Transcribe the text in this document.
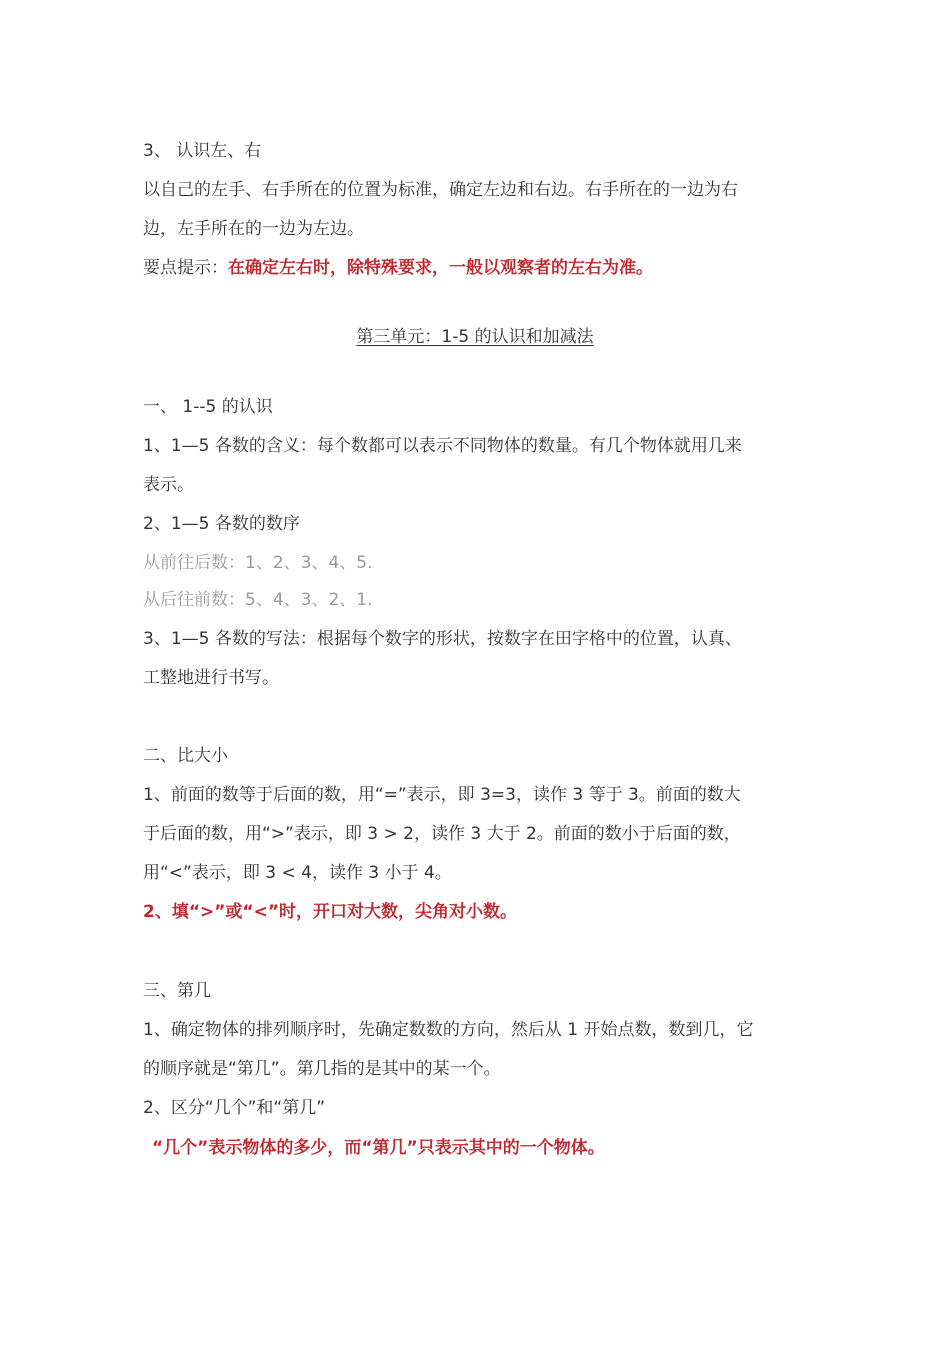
3、 认识左、右
以自己的左手、右手所在的位置为标准，确定左边和右边。右手所在的一边为右
边，左手所在的一边为左边。
要点提示：在确定左右时，除特殊要求，一般以观察者的左右为准。
第三单元：1-5 的认识和加减法
一、 1--5 的认识
1、1—5 各数的含义：每个数都可以表示不同物体的数量。有几个物体就用几来
表示。
2、1—5 各数的数序
从前往后数：1、2、3、4、5.
从后往前数：5、4、3、2、1.
3、1—5 各数的写法：根据每个数字的形状，按数字在田字格中的位置，认真、
工整地进行书写。
二、比大小
1、前面的数等于后面的数，用“=”表示，即 3=3，读作 3 等于 3。前面的数大
于后面的数，用“>”表示，即 3 > 2，读作 3 大于 2。前面的数小于后面的数，
用“<”表示，即 3 < 4，读作 3 小于 4。
2、填“>”或“<”时，开口对大数，尖角对小数。
三、第几
1、确定物体的排列顺序时，先确定数数的方向，然后从 1 开始点数，数到几，它
的顺序就是“第几”。第几指的是其中的某一个。
2、区分“几个”和“第几”
“几个”表示物体的多少，而“第几”只表示其中的一个物体。
